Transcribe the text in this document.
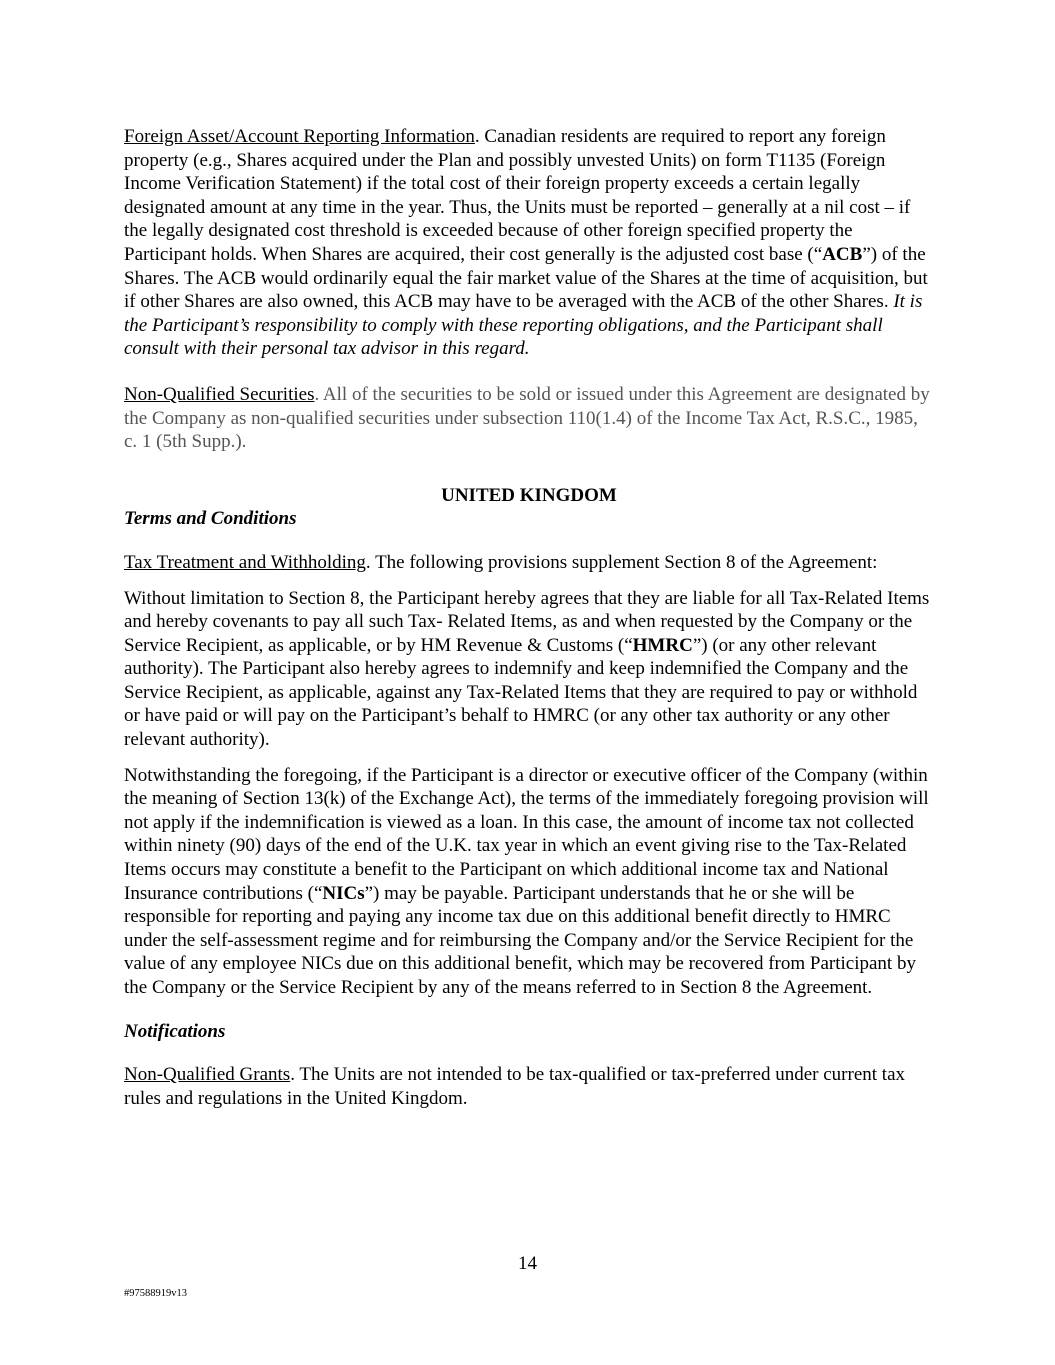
Foreign Asset/Account Reporting Information. Canadian residents are required to report any foreign property (e.g., Shares acquired under the Plan and possibly unvested Units) on form T1135 (Foreign Income Verification Statement) if the total cost of their foreign property exceeds a certain legally designated amount at any time in the year. Thus, the Units must be reported – generally at a nil cost – if the legally designated cost threshold is exceeded because of other foreign specified property the Participant holds. When Shares are acquired, their cost generally is the adjusted cost base (“ACB”) of the Shares. The ACB would ordinarily equal the fair market value of the Shares at the time of acquisition, but if other Shares are also owned, this ACB may have to be averaged with the ACB of the other Shares. It is the Participant’s responsibility to comply with these reporting obligations, and the Participant shall consult with their personal tax advisor in this regard.

Non-Qualified Securities. All of the securities to be sold or issued under this Agreement are designated by the Company as non-qualified securities under subsection 110(1.4) of the Income Tax Act, R.S.C., 1985, c. 1 (5th Supp.).

UNITED KINGDOM

Terms and Conditions

Tax Treatment and Withholding. The following provisions supplement Section 8 of the Agreement:

Without limitation to Section 8, the Participant hereby agrees that they are liable for all Tax-Related Items and hereby covenants to pay all such Tax- Related Items, as and when requested by the Company or the Service Recipient, as applicable, or by HM Revenue & Customs (“HMRC”) (or any other relevant authority). The Participant also hereby agrees to indemnify and keep indemnified the Company and the Service Recipient, as applicable, against any Tax-Related Items that they are required to pay or withhold or have paid or will pay on the Participant’s behalf to HMRC (or any other tax authority or any other relevant authority).

Notwithstanding the foregoing, if the Participant is a director or executive officer of the Company (within the meaning of Section 13(k) of the Exchange Act), the terms of the immediately foregoing provision will not apply if the indemnification is viewed as a loan. In this case, the amount of income tax not collected within ninety (90) days of the end of the U.K. tax year in which an event giving rise to the Tax-Related Items occurs may constitute a benefit to the Participant on which additional income tax and National Insurance contributions (“NICs”) may be payable. Participant understands that he or she will be responsible for reporting and paying any income tax due on this additional benefit directly to HMRC under the self-assessment regime and for reimbursing the Company and/or the Service Recipient for the value of any employee NICs due on this additional benefit, which may be recovered from Participant by the Company or the Service Recipient by any of the means referred to in Section 8 the Agreement.

Notifications

Non-Qualified Grants. The Units are not intended to be tax-qualified or tax-preferred under current tax rules and regulations in the United Kingdom.

14
#97588919v13
